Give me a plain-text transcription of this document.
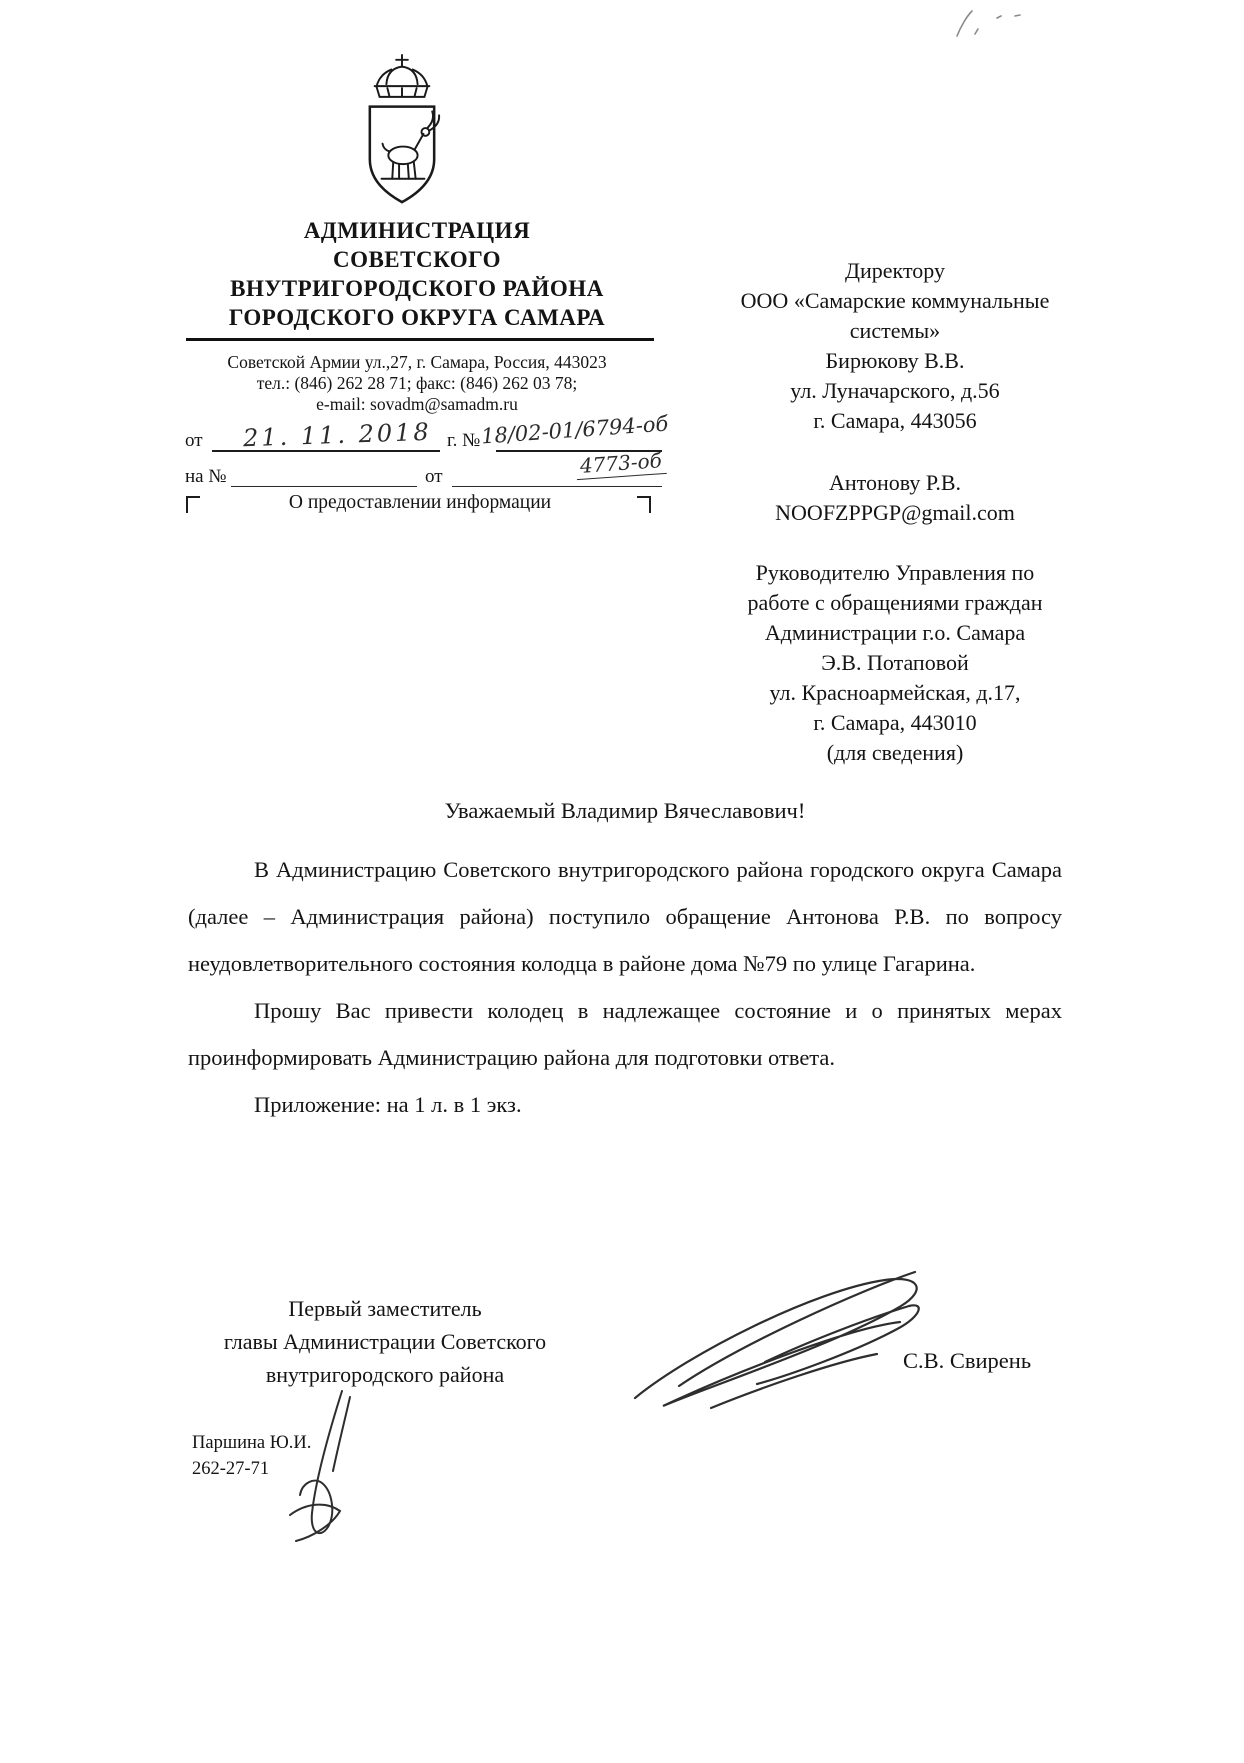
АДМИНИСТРАЦИЯ
СОВЕТСКОГО
ВНУТРИГОРОДСКОГО РАЙОНА
ГОРОДСКОГО ОКРУГА САМАРА
Советской Армии ул.,27, г. Самара, Россия, 443023
тел.: (846) 262 28 71; факс: (846) 262 03 78;
e-mail: sovadm@samadm.ru
от 21. 11. 2018 г. № 18/02-01/6794-об
4773-об
на №	от
О предоставлении информации
Директору
ООО «Самарские коммунальные
системы»
Бирюкову В.В.
ул. Луначарского, д.56
г. Самара, 443056
Антонову Р.В.
NOOFZPPGP@gmail.com
Руководителю Управления по
работе с обращениями граждан
Администрации г.о. Самара
Э.В. Потаповой
ул. Красноармейская, д.17,
г. Самара, 443010
(для сведения)
Уважаемый Владимир Вячеславович!

В Администрацию Советского внутригородского района городского округа Самара (далее – Администрация района) поступило обращение Антонова Р.В. по вопросу неудовлетворительного состояния колодца в районе дома №79 по улице Гагарина.

Прошу Вас привести колодец в надлежащее состояние и о принятых мерах проинформировать Администрацию района для подготовки ответа.

Приложение: на 1 л. в 1 экз.

Первый заместитель
главы Администрации Советского
внутригородского района
С.В. Свирень
Паршина Ю.И.
262-27-71
